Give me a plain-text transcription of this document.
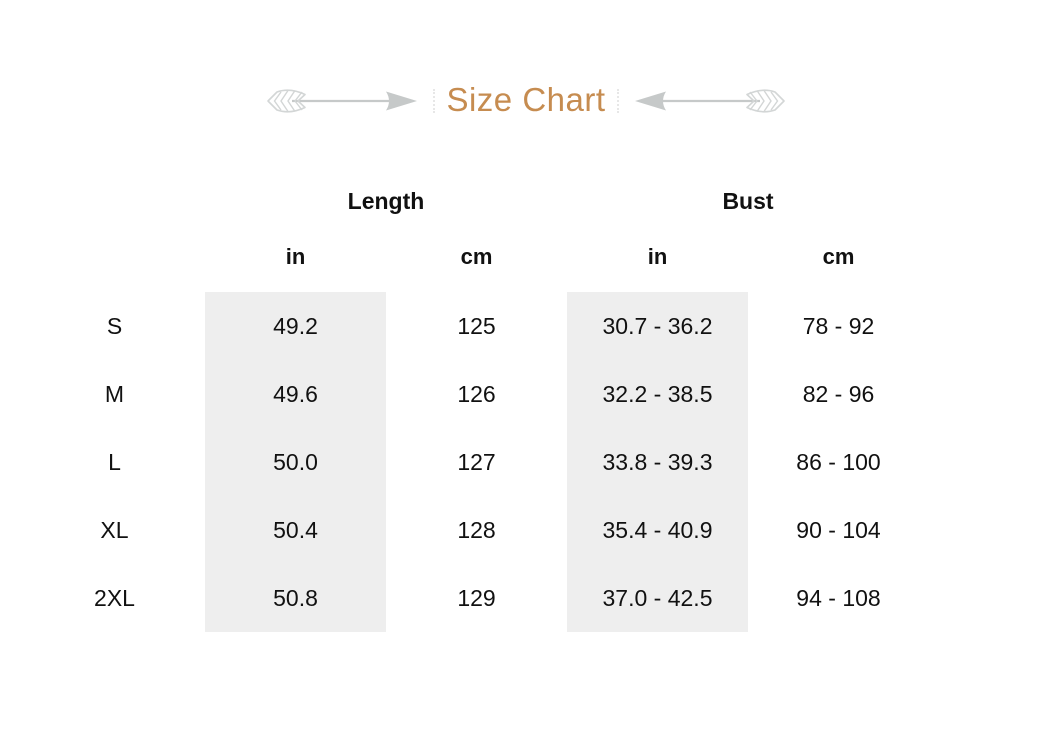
Size Chart
Length	Bust
in	cm	in	cm
S	49.2	125	30.7 - 36.2	78 - 92
M	49.6	126	32.2 - 38.5	82 - 96
L	50.0	127	33.8 - 39.3	86 - 100
XL	50.4	128	35.4 - 40.9	90 - 104
2XL	50.8	129	37.0 - 42.5	94 - 108
